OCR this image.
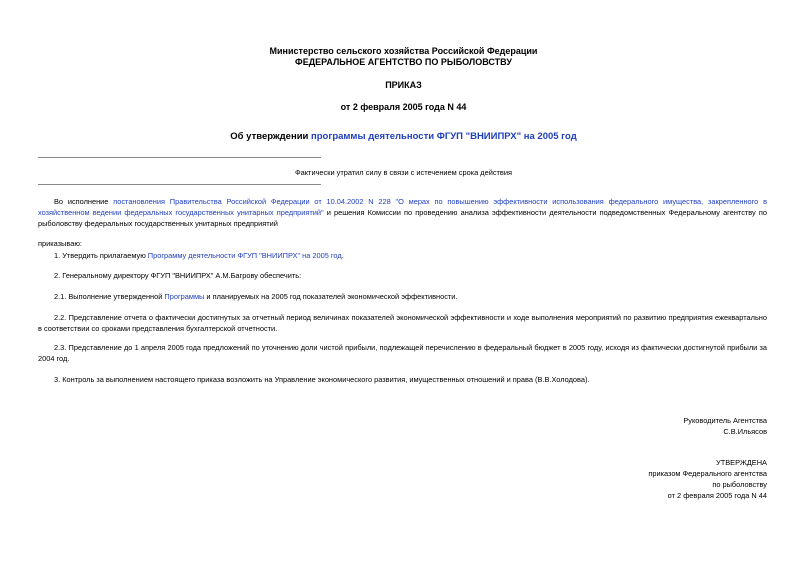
Министерство сельского хозяйства Российской Федерации
ФЕДЕРАЛЬНОЕ АГЕНТСТВО ПО РЫБОЛОВСТВУ
ПРИКАЗ
от 2 февраля 2005 года N 44
Об утверждении программы деятельности ФГУП "ВНИИПРХ" на 2005 год
Фактически утратил силу в связи с истечением срока действия
Во исполнение постановления Правительства Российской Федерации от 10.04.2002 N 228 "О мерах по повышению эффективности использования федерального имущества, закрепленного в хозяйственном ведении федеральных государственных унитарных предприятий" и решения Комиссии по проведению анализа эффективности деятельности подведомственных Федеральному агентству по рыболовству федеральных государственных унитарных предприятий
приказываю:
1. Утвердить прилагаемую Программу деятельности ФГУП "ВНИИПРХ" на 2005 год.
2. Генеральному директору ФГУП "ВНИИПРХ" А.М.Багрову обеспечить:
2.1. Выполнение утвержденной Программы и планируемых на 2005 год показателей экономической эффективности.
2.2. Представление отчета о фактически достигнутых за отчетный период величинах показателей экономической эффективности и ходе выполнения мероприятий по развитию предприятия ежеквартально в соответствии со сроками представления бухгалтерской отчетности.
2.3. Представление до 1 апреля 2005 года предложений по уточнению доли чистой прибыли, подлежащей перечислению в федеральный бюджет в 2005 году, исходя из фактически достигнутой прибыли за 2004 год.
3. Контроль за выполнением настоящего приказа возложить на Управление экономического развития, имущественных отношений и права (В.В.Холодова).
Руководитель Агентства
С.В.Ильясов
УТВЕРЖДЕНА
приказом Федерального агентства
по рыболовству
от 2 февраля 2005 года N 44
